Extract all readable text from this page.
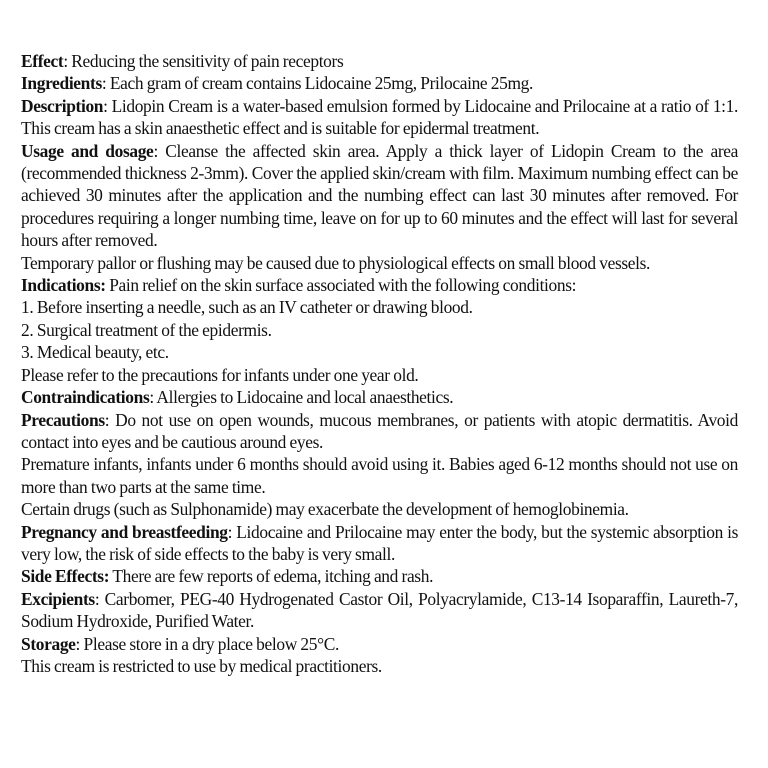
Effect: Reducing the sensitivity of pain receptors

Ingredients: Each gram of cream contains Lidocaine 25mg, Prilocaine 25mg.

Description: Lidopin Cream is a water-based emulsion formed by Lidocaine and Prilocaine at a ratio of 1:1. This cream has a skin anaesthetic effect and is suitable for epidermal treatment.

Usage and dosage: Cleanse the affected skin area. Apply a thick layer of Lidopin Cream to the area (recommended thickness 2-3mm). Cover the applied skin/cream with film. Maximum numbing effect can be achieved 30 minutes after the application and the numbing effect can last 30 minutes after removed. For procedures requiring a longer numbing time, leave on for up to 60 minutes and the effect will last for several hours after removed.

Temporary pallor or flushing may be caused due to physiological effects on small blood vessels.

Indications: Pain relief on the skin surface associated with the following conditions:

1. Before inserting a needle, such as an IV catheter or drawing blood.

2. Surgical treatment of the epidermis.

3. Medical beauty, etc.

Please refer to the precautions for infants under one year old.

Contraindications: Allergies to Lidocaine and local anaesthetics.

Precautions: Do not use on open wounds, mucous membranes, or patients with atopic dermatitis. Avoid contact into eyes and be cautious around eyes.

Premature infants, infants under 6 months should avoid using it. Babies aged 6-12 months should not use on more than two parts at the same time.

Certain drugs (such as Sulphonamide) may exacerbate the development of hemoglobinemia.

Pregnancy and breastfeeding: Lidocaine and Prilocaine may enter the body, but the systemic absorption is very low, the risk of side effects to the baby is very small.

Side Effects: There are few reports of edema, itching and rash.

Excipients: Carbomer, PEG-40 Hydrogenated Castor Oil, Polyacrylamide, C13-14 Isoparaffin, Laureth-7, Sodium Hydroxide, Purified Water.

Storage: Please store in a dry place below 25°C.

This cream is restricted to use by medical practitioners.
